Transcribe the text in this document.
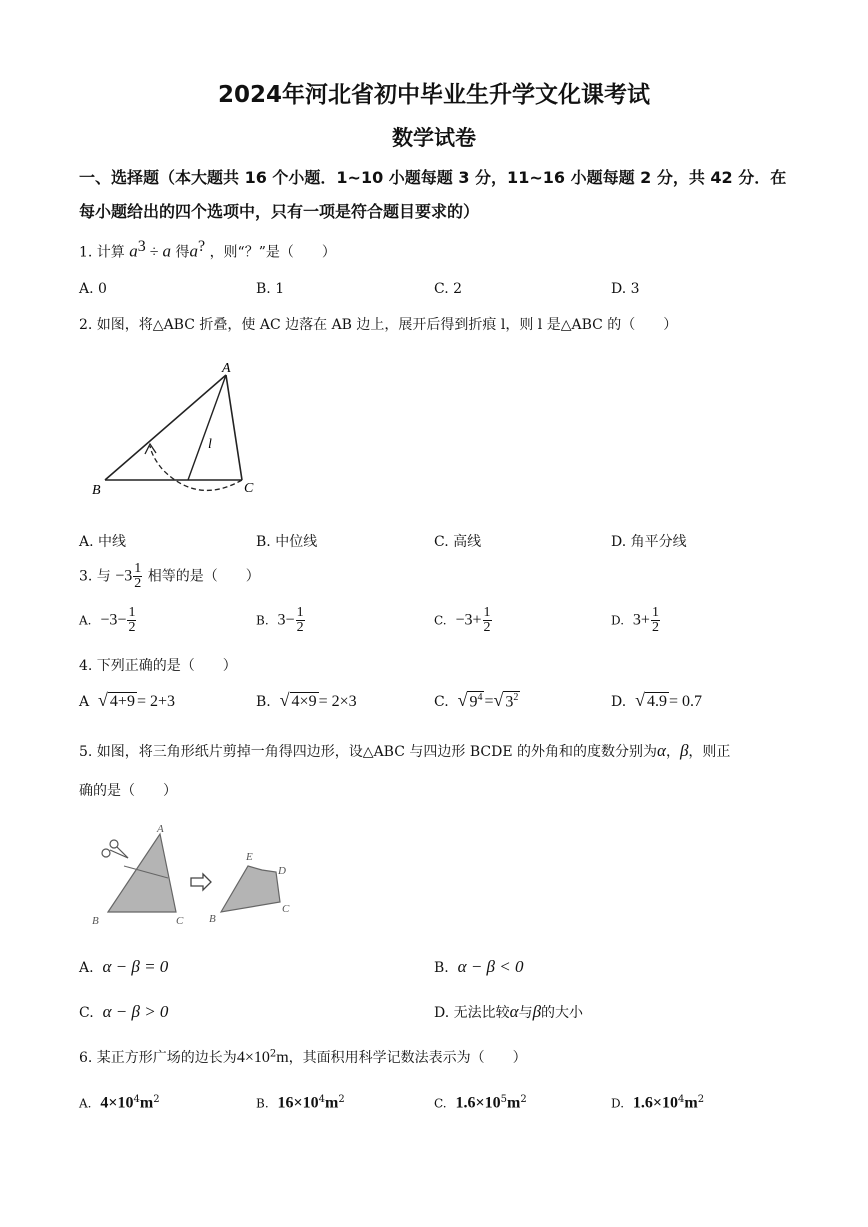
2024年河北省初中毕业生升学文化课考试
数学试卷
一、选择题（本大题共 16 个小题．1~10 小题每题 3 分，11~16 小题每题 2 分，共 42 分．在
每小题给出的四个选项中，只有一项是符合题目要求的）
1. 计算 $a^3 \div a$ 得a? ，则“？”是（　　）
A. 0	B. 1	C. 2	D. 3
2. 如图，将△ABC 折叠，使 AC 边落在 AB 边上，展开后得到折痕 l，则 l 是△ABC 的（　　）
A
B	C
l
A. 中线	B. 中位线	C. 高线	D. 角平分线
3. 与 $-3 \frac{1}{2}$ 相等的是（　　）
A. $-3- \frac{1}{2}$	B. $3- \frac{1}{2}$	C. $-3+ \frac{1}{2}$	D. $3+ \frac{1}{2}$
4. 下列正确的是（　　）
A √ 4+9 = 2+3	B. √ 4×9 = 2×3	C. √ $9^4$ =√ $3^2$	D. √ 4.9 = 0.7
5. 如图，将三角形纸片剪掉一角得四边形，设△ABC 与四边形 BCDE 的外角和的度数分别为α，β，则正
确的是（　　）
A
B	C B
C
D
E
A. α − β = 0	B. α − β < 0
C. α − β > 0	D. 无法比较α与β的大小
6. 某正方形广场的边长为$4\times 10^2m$，其面积用科学记数法表示为（　　）
A. $4\times 10^4m^2$	B. $16\times 10^4m^2$	C. $1.6\times 10^5m^2$	D. $1.6\times 10^4m^2$
